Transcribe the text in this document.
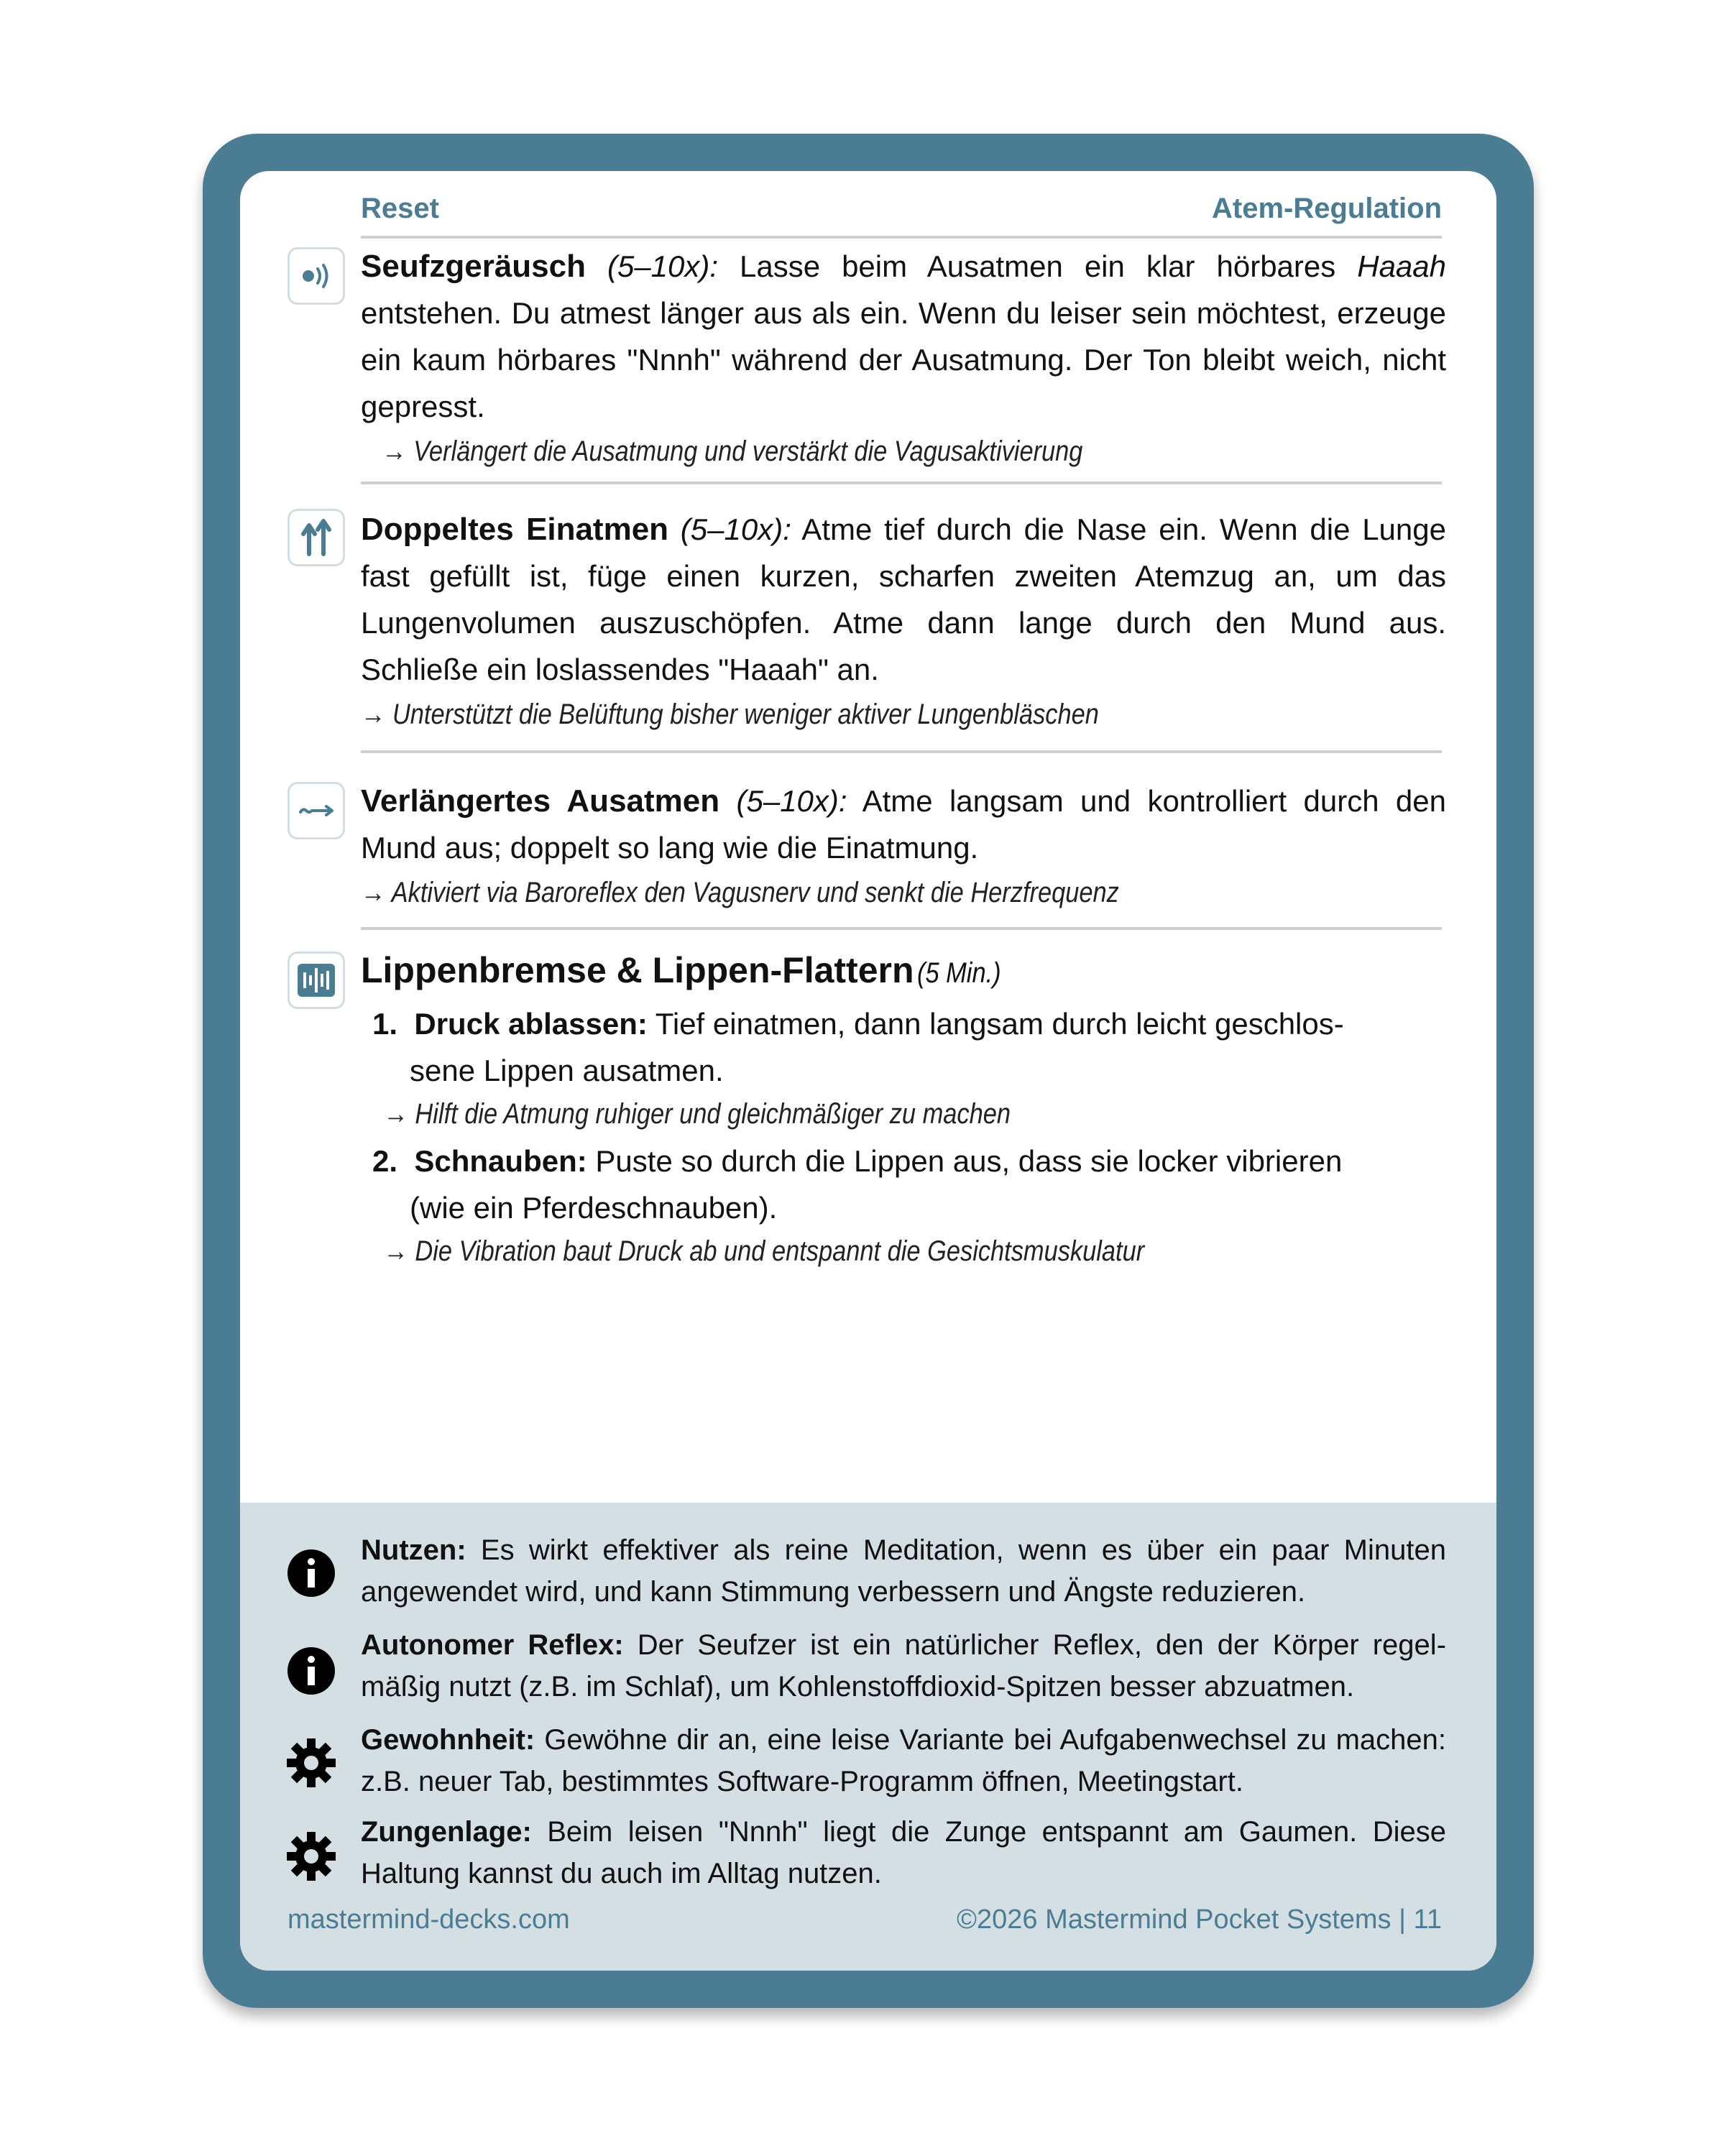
Reset	Atem-Regulation

Seufzgeräusch (5–10x): Lasse beim Ausatmen ein klar hörbares Haaah entstehen. Du atmest länger aus als ein. Wenn du leiser sein möchtest, erzeuge ein kaum hörbares "Nnnh" während der Ausatmung. Der Ton bleibt weich, nicht gepresst.

→ Verlängert die Ausatmung und verstärkt die Vagusaktivierung

Doppeltes Einatmen (5–10x): Atme tief durch die Nase ein. Wenn die Lunge fast gefüllt ist, füge einen kurzen, scharfen zweiten Atemzug an, um das Lungenvolumen auszuschöpfen. Atme dann lange durch den Mund aus. Schließe ein loslassendes "Haaah" an.

→ Unterstützt die Belüftung bisher weniger aktiver Lungenbläschen

Verlängertes Ausatmen (5–10x): Atme langsam und kontrolliert durch den Mund aus; doppelt so lang wie die Einatmung.

→ Aktiviert via Baroreflex den Vagusnerv und senkt die Herzfrequenz
Lippenbremse & Lippen-Flattern (5 Min.)

1. Druck ablassen: Tief einatmen, dann langsam durch leicht geschlos-

sene Lippen ausatmen.

→ Hilft die Atmung ruhiger und gleichmäßiger zu machen

2. Schnauben: Puste so durch die Lippen aus, dass sie locker vibrieren

(wie ein Pferdeschnauben).

→ Die Vibration baut Druck ab und entspannt die Gesichtsmuskulatur

Nutzen: Es wirkt effektiver als reine Meditation, wenn es über ein paar Minuten angewendet wird, und kann Stimmung verbessern und Ängste reduzieren.

Autonomer Reflex: Der Seufzer ist ein natürlicher Reflex, den der Körper regelmäßig nutzt (z.B. im Schlaf), um Kohlenstoffdioxid-Spitzen besser abzuatmen.

Gewohnheit: Gewöhne dir an, eine leise Variante bei Aufgabenwechsel zu machen: z.B. neuer Tab, bestimmtes Software-Programm öffnen, Meetingstart.

Zungenlage: Beim leisen "Nnnh" liegt die Zunge entspannt am Gaumen. Diese Haltung kannst du auch im Alltag nutzen.

mastermind-decks.com	©2026 Mastermind Pocket Systems | 11
